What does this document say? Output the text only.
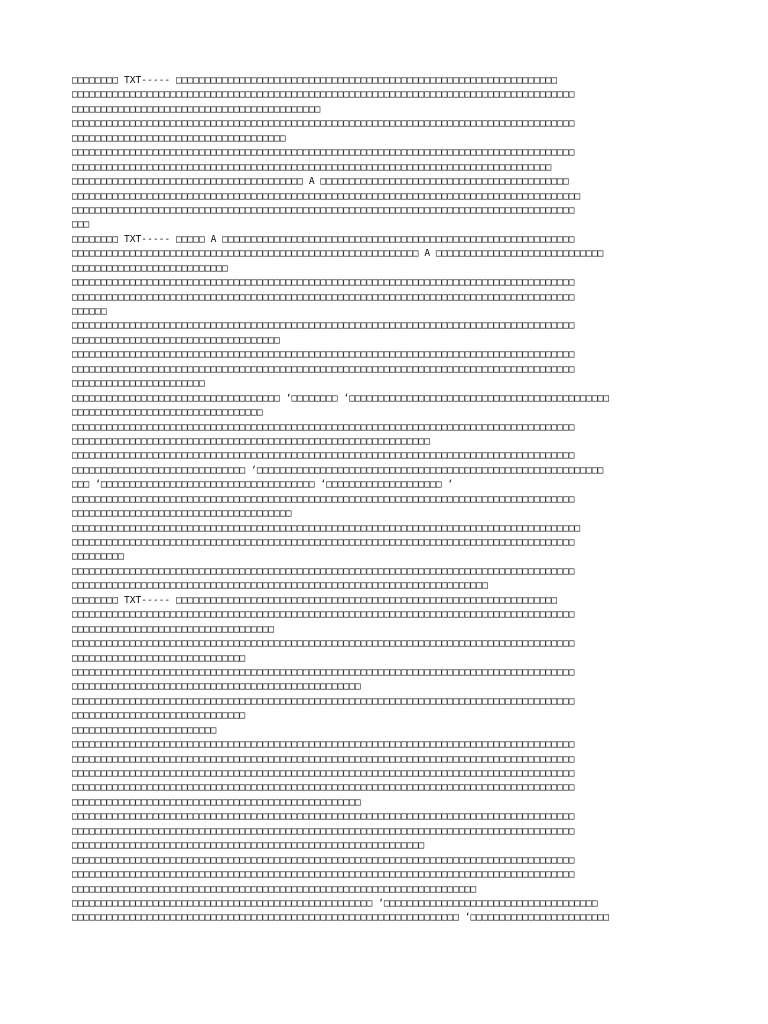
□□□□□□□□ TXT----- □□□□□□□□□□□□□□□□□□□□□□□□□□□□□□□□□□□□□□□□□□□□□□□□□□□□□□□□□□□□□□□□□□
□□□□□□□□□□□□□□□□□□□□□□□□□□□□□□□□□□□□□□□□□□□□□□□□□□□□□□□□□□□□□□□□□□□□□□□□□□□□□□□□□□□□□□□
□□□□□□□□□□□□□□□□□□□□□□□□□□□□□□□□□□□□□□□□□□□
□□□□□□□□□□□□□□□□□□□□□□□□□□□□□□□□□□□□□□□□□□□□□□□□□□□□□□□□□□□□□□□□□□□□□□□□□□□□□□□□□□□□□□□
□□□□□□□□□□□□□□□□□□□□□□□□□□□□□□□□□□□□□
□□□□□□□□□□□□□□□□□□□□□□□□□□□□□□□□□□□□□□□□□□□□□□□□□□□□□□□□□□□□□□□□□□□□□□□□□□□□□□□□□□□□□□□
□□□□□□□□□□□□□□□□□□□□□□□□□□□□□□□□□□□□□□□□□□□□□□□□□□□□□□□□□□□□□□□□□□□□□□□□□□□□□□□□□□□
□□□□□□□□□□□□□□□□□□□□□□□□□□□□□□□□□□□□□□□□ A □□□□□□□□□□□□□□□□□□□□□□□□□□□□□□□□□□□□□□□□□□□
□□□□□□□□□□□□□□□□□□□□□□□□□□□□□□□□□□□□□□□□□□□□□□□□□□□□□□□□□□□□□□□□□□□□□□□□□□□□□□□□□□□□□□□□
□□□□□□□□□□□□□□□□□□□□□□□□□□□□□□□□□□□□□□□□□□□□□□□□□□□□□□□□□□□□□□□□□□□□□□□□□□□□□□□□□□□□□□□
□□□
□□□□□□□□ TXT----- □□□□□ A □□□□□□□□□□□□□□□□□□□□□□□□□□□□□□□□□□□□□□□□□□□□□□□□□□□□□□□□□□□□□
□□□□□□□□□□□□□□□□□□□□□□□□□□□□□□□□□□□□□□□□□□□□□□□□□□□□□□□□□□□□ A □□□□□□□□□□□□□□□□□□□□□□□□□□□□□
□□□□□□□□□□□□□□□□□□□□□□□□□□□
□□□□□□□□□□□□□□□□□□□□□□□□□□□□□□□□□□□□□□□□□□□□□□□□□□□□□□□□□□□□□□□□□□□□□□□□□□□□□□□□□□□□□□□
□□□□□□□□□□□□□□□□□□□□□□□□□□□□□□□□□□□□□□□□□□□□□□□□□□□□□□□□□□□□□□□□□□□□□□□□□□□□□□□□□□□□□□□
□□□□□□
□□□□□□□□□□□□□□□□□□□□□□□□□□□□□□□□□□□□□□□□□□□□□□□□□□□□□□□□□□□□□□□□□□□□□□□□□□□□□□□□□□□□□□□
□□□□□□□□□□□□□□□□□□□□□□□□□□□□□□□□□□□□
□□□□□□□□□□□□□□□□□□□□□□□□□□□□□□□□□□□□□□□□□□□□□□□□□□□□□□□□□□□□□□□□□□□□□□□□□□□□□□□□□□□□□□□
□□□□□□□□□□□□□□□□□□□□□□□□□□□□□□□□□□□□□□□□□□□□□□□□□□□□□□□□□□□□□□□□□□□□□□□□□□□□□□□□□□□□□□□
□□□□□□□□□□□□□□□□□□□□□□□
□□□□□□□□□□□□□□□□□□□□□□□□□□□□□□□□□□□□ ‘□□□□□□□□ ‘□□□□□□□□□□□□□□□□□□□□□□□□□□□□□□□□□□□□□□□□□□□□□
□□□□□□□□□□□□□□□□□□□□□□□□□□□□□□□□□
□□□□□□□□□□□□□□□□□□□□□□□□□□□□□□□□□□□□□□□□□□□□□□□□□□□□□□□□□□□□□□□□□□□□□□□□□□□□□□□□□□□□□□□
□□□□□□□□□□□□□□□□□□□□□□□□□□□□□□□□□□□□□□□□□□□□□□□□□□□□□□□□□□□□□□
□□□□□□□□□□□□□□□□□□□□□□□□□□□□□□□□□□□□□□□□□□□□□□□□□□□□□□□□□□□□□□□□□□□□□□□□□□□□□□□□□□□□□□□
□□□□□□□□□□□□□□□□□□□□□□□□□□□□□□ ‘□□□□□□□□□□□□□□□□□□□□□□□□□□□□□□□□□□□□□□□□□□□□□□□□□□□□□□□□□□□□
□□□ ‘□□□□□□□□□□□□□□□□□□□□□□□□□□□□□□□□□□□□□ ‘□□□□□□□□□□□□□□□□□□□□ ‘
□□□□□□□□□□□□□□□□□□□□□□□□□□□□□□□□□□□□□□□□□□□□□□□□□□□□□□□□□□□□□□□□□□□□□□□□□□□□□□□□□□□□□□□
□□□□□□□□□□□□□□□□□□□□□□□□□□□□□□□□□□□□□□
□□□□□□□□□□□□□□□□□□□□□□□□□□□□□□□□□□□□□□□□□□□□□□□□□□□□□□□□□□□□□□□□□□□□□□□□□□□□□□□□□□□□□□□□
□□□□□□□□□□□□□□□□□□□□□□□□□□□□□□□□□□□□□□□□□□□□□□□□□□□□□□□□□□□□□□□□□□□□□□□□□□□□□□□□□□□□□□□
□□□□□□□□□
□□□□□□□□□□□□□□□□□□□□□□□□□□□□□□□□□□□□□□□□□□□□□□□□□□□□□□□□□□□□□□□□□□□□□□□□□□□□□□□□□□□□□□□
□□□□□□□□□□□□□□□□□□□□□□□□□□□□□□□□□□□□□□□□□□□□□□□□□□□□□□□□□□□□□□□□□□□□□□□□
□□□□□□□□ TXT----- □□□□□□□□□□□□□□□□□□□□□□□□□□□□□□□□□□□□□□□□□□□□□□□□□□□□□□□□□□□□□□□□□□
□□□□□□□□□□□□□□□□□□□□□□□□□□□□□□□□□□□□□□□□□□□□□□□□□□□□□□□□□□□□□□□□□□□□□□□□□□□□□□□□□□□□□□□
□□□□□□□□□□□□□□□□□□□□□□□□□□□□□□□□□□□
□□□□□□□□□□□□□□□□□□□□□□□□□□□□□□□□□□□□□□□□□□□□□□□□□□□□□□□□□□□□□□□□□□□□□□□□□□□□□□□□□□□□□□□
□□□□□□□□□□□□□□□□□□□□□□□□□□□□□□
□□□□□□□□□□□□□□□□□□□□□□□□□□□□□□□□□□□□□□□□□□□□□□□□□□□□□□□□□□□□□□□□□□□□□□□□□□□□□□□□□□□□□□□
□□□□□□□□□□□□□□□□□□□□□□□□□□□□□□□□□□□□□□□□□□□□□□□□□□
□□□□□□□□□□□□□□□□□□□□□□□□□□□□□□□□□□□□□□□□□□□□□□□□□□□□□□□□□□□□□□□□□□□□□□□□□□□□□□□□□□□□□□□
□□□□□□□□□□□□□□□□□□□□□□□□□□□□□□
□□□□□□□□□□□□□□□□□□□□□□□□□
□□□□□□□□□□□□□□□□□□□□□□□□□□□□□□□□□□□□□□□□□□□□□□□□□□□□□□□□□□□□□□□□□□□□□□□□□□□□□□□□□□□□□□□
□□□□□□□□□□□□□□□□□□□□□□□□□□□□□□□□□□□□□□□□□□□□□□□□□□□□□□□□□□□□□□□□□□□□□□□□□□□□□□□□□□□□□□□
□□□□□□□□□□□□□□□□□□□□□□□□□□□□□□□□□□□□□□□□□□□□□□□□□□□□□□□□□□□□□□□□□□□□□□□□□□□□□□□□□□□□□□□
□□□□□□□□□□□□□□□□□□□□□□□□□□□□□□□□□□□□□□□□□□□□□□□□□□□□□□□□□□□□□□□□□□□□□□□□□□□□□□□□□□□□□□□
□□□□□□□□□□□□□□□□□□□□□□□□□□□□□□□□□□□□□□□□□□□□□□□□□□
□□□□□□□□□□□□□□□□□□□□□□□□□□□□□□□□□□□□□□□□□□□□□□□□□□□□□□□□□□□□□□□□□□□□□□□□□□□□□□□□□□□□□□□
□□□□□□□□□□□□□□□□□□□□□□□□□□□□□□□□□□□□□□□□□□□□□□□□□□□□□□□□□□□□□□□□□□□□□□□□□□□□□□□□□□□□□□□
□□□□□□□□□□□□□□□□□□□□□□□□□□□□□□□□□□□□□□□□□□□□□□□□□□□□□□□□□□□□□
□□□□□□□□□□□□□□□□□□□□□□□□□□□□□□□□□□□□□□□□□□□□□□□□□□□□□□□□□□□□□□□□□□□□□□□□□□□□□□□□□□□□□□□
□□□□□□□□□□□□□□□□□□□□□□□□□□□□□□□□□□□□□□□□□□□□□□□□□□□□□□□□□□□□□□□□□□□□□□□□□□□□□□□□□□□□□□□
□□□□□□□□□□□□□□□□□□□□□□□□□□□□□□□□□□□□□□□□□□□□□□□□□□□□□□□□□□□□□□□□□□□□□□
□□□□□□□□□□□□□□□□□□□□□□□□□□□□□□□□□□□□□□□□□□□□□□□□□□□□ ‘□□□□□□□□□□□□□□□□□□□□□□□□□□□□□□□□□□□□□
□□□□□□□□□□□□□□□□□□□□□□□□□□□□□□□□□□□□□□□□□□□□□□□□□□□□□□□□□□□□□□□□□□□ ‘□□□□□□□□□□□□□□□□□□□□□□□□
